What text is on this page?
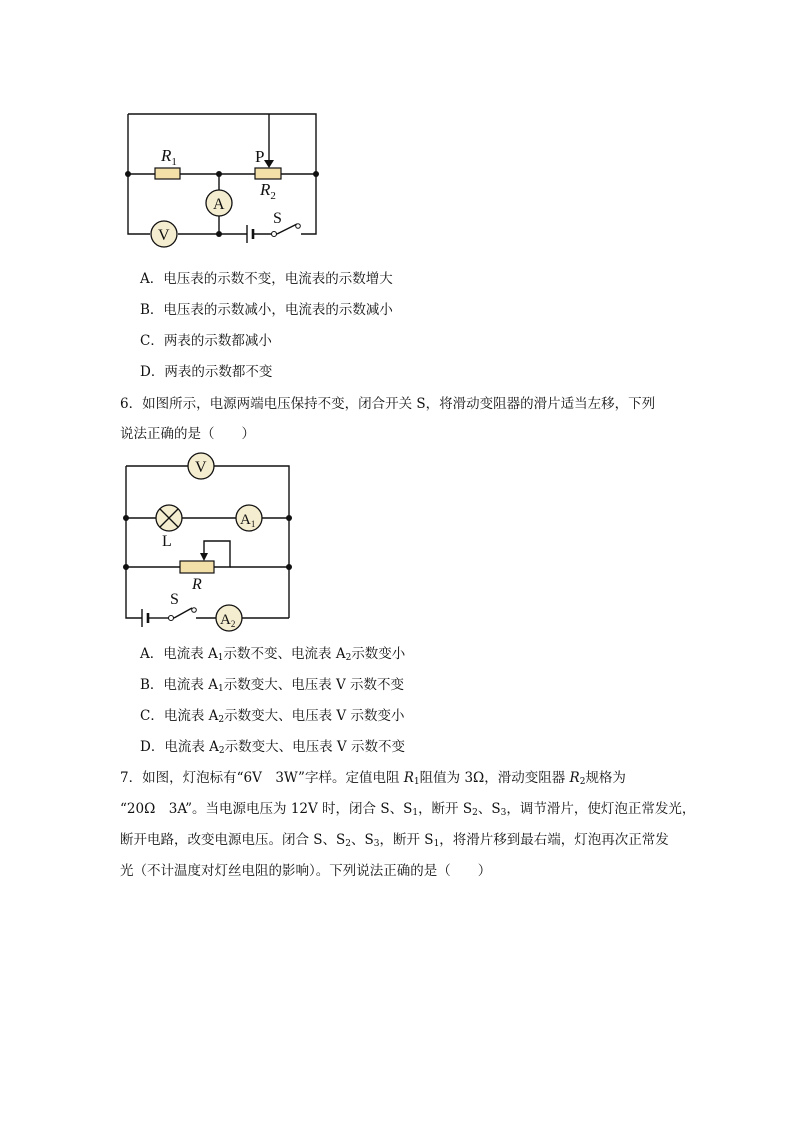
A
V
$R_1$	P
$R_2$
S
A．电压表的示数不变，电流表的示数增大
B．电压表的示数减小，电流表的示数减小
C．两表的示数都减小
D．两表的示数都不变
6．如图所示，电源两端电压保持不变，闭合开关 S，将滑动变阻器的滑片适当左移，下列
说法正确的是（　　）
V
$A_1$
$A_2$
L
R
S
A．电流表 $A_1$示数不变、电流表 $A_2$示数变小
B．电流表 $A_1$示数变大、电压表 V 示数不变
C．电流表 $A_2$示数变大、电压表 V 示数变小
D．电流表 $A_2$示数变大、电压表 V 示数不变
7．如图，灯泡标有“6V　3W”字样。定值电阻 $R_1$阻值为 3Ω，滑动变阻器 $R_2$规格为
“20Ω　3A”。当电源电压为 12V 时，闭合 S、$S_1$，断开 $S_2$、$S_3$，调节滑片，使灯泡正常发光，
断开电路，改变电源电压。闭合 S、$S_2$、$S_3$，断开 $S_1$，将滑片移到最右端，灯泡再次正常发
光（不计温度对灯丝电阻的影响）。下列说法正确的是（　　）
